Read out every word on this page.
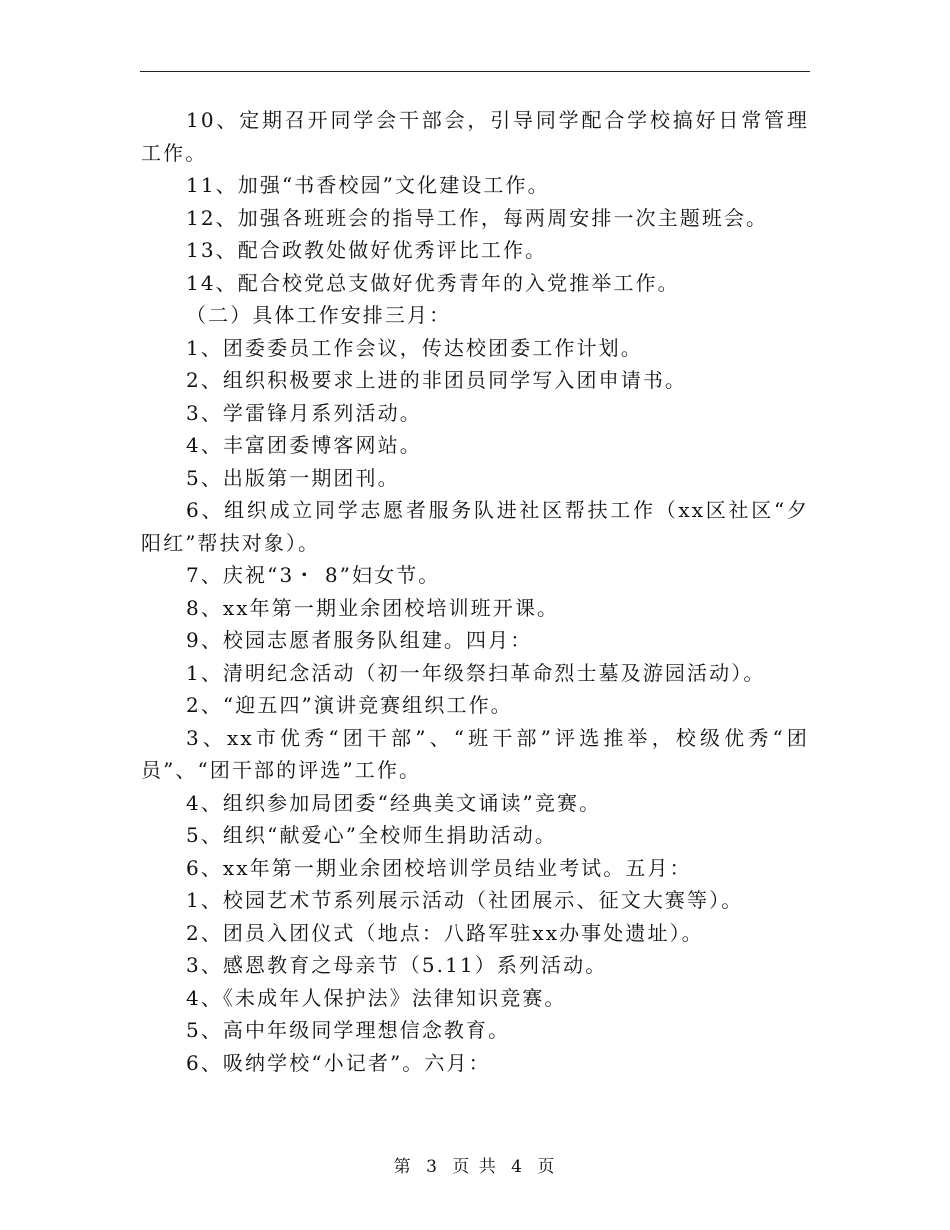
10、定期召开同学会干部会，引导同学配合学校搞好日常管理工作。

11、加强“书香校园”文化建设工作。

12、加强各班班会的指导工作，每两周安排一次主题班会。

13、配合政教处做好优秀评比工作。

14、配合校党总支做好优秀青年的入党推举工作。

（二）具体工作安排三月：

1、团委委员工作会议，传达校团委工作计划。

2、组织积极要求上进的非团员同学写入团申请书。

3、学雷锋月系列活动。

4、丰富团委博客网站。

5、出版第一期团刊。

6、组织成立同学志愿者服务队进社区帮扶工作（xx区社区“夕阳红”帮扶对象）。

7、庆祝“3・ 8”妇女节。

8、xx年第一期业余团校培训班开课。

9、校园志愿者服务队组建。四月：

1、清明纪念活动（初一年级祭扫革命烈士墓及游园活动）。

2、“迎五四”演讲竞赛组织工作。

3、xx市优秀“团干部”、“班干部”评选推举，校级优秀“团员”、“团干部的评选”工作。

4、组织参加局团委“经典美文诵读”竞赛。

5、组织“献爱心”全校师生捐助活动。

6、xx年第一期业余团校培训学员结业考试。五月：

1、校园艺术节系列展示活动（社团展示、征文大赛等）。

2、团员入团仪式（地点：八路军驻xx办事处遗址）。

3、感恩教育之母亲节（5.11）系列活动。

4、《未成年人保护法》法律知识竞赛。

5、高中年级同学理想信念教育。

6、吸纳学校“小记者”。六月：

第 3 页 共 4 页
